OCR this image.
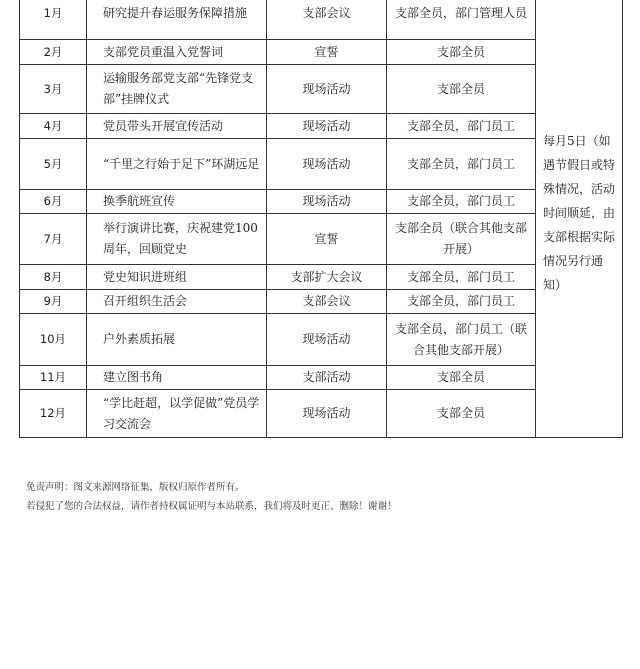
1月	研究提升春运服务保障措施	支部会议	支部全员，部门管理人员	每月5日（如遇节假日或特殊情况，活动时间顺延，由支部根据实际情况另行通知）

2月	支部党员重温入党誓词	宣誓	支部全员	
3月	运输服务部党支部“先锋党支部”挂牌仪式	现场活动	支部全员	
4月	党员带头开展宣传活动	现场活动	支部全员，部门员工	
5月	“千里之行始于足下”环湖远足	现场活动	支部全员，部门员工	
6月	换季航班宣传	现场活动	支部全员，部门员工	
7月	举行演讲比赛，庆祝建党100周年，回顾党史	宣誓	支部全员（联合其他支部开展）	
8月	党史知识进班组	支部扩大会议	支部全员，部门员工	
9月	召开组织生活会	支部会议	支部全员，部门员工	
10月	户外素质拓展	现场活动	支部全员，部门员工（联合其他支部开展）	
11月	建立图书角	支部活动	支部全员	
12月	“学比赶超，以学促做”党员学习交流会	现场活动	支部全员	
免责声明：图文来源网络征集，版权归原作者所有。
若侵犯了您的合法权益，请作者持权属证明与本站联系，我们将及时更正、删除！谢谢！
